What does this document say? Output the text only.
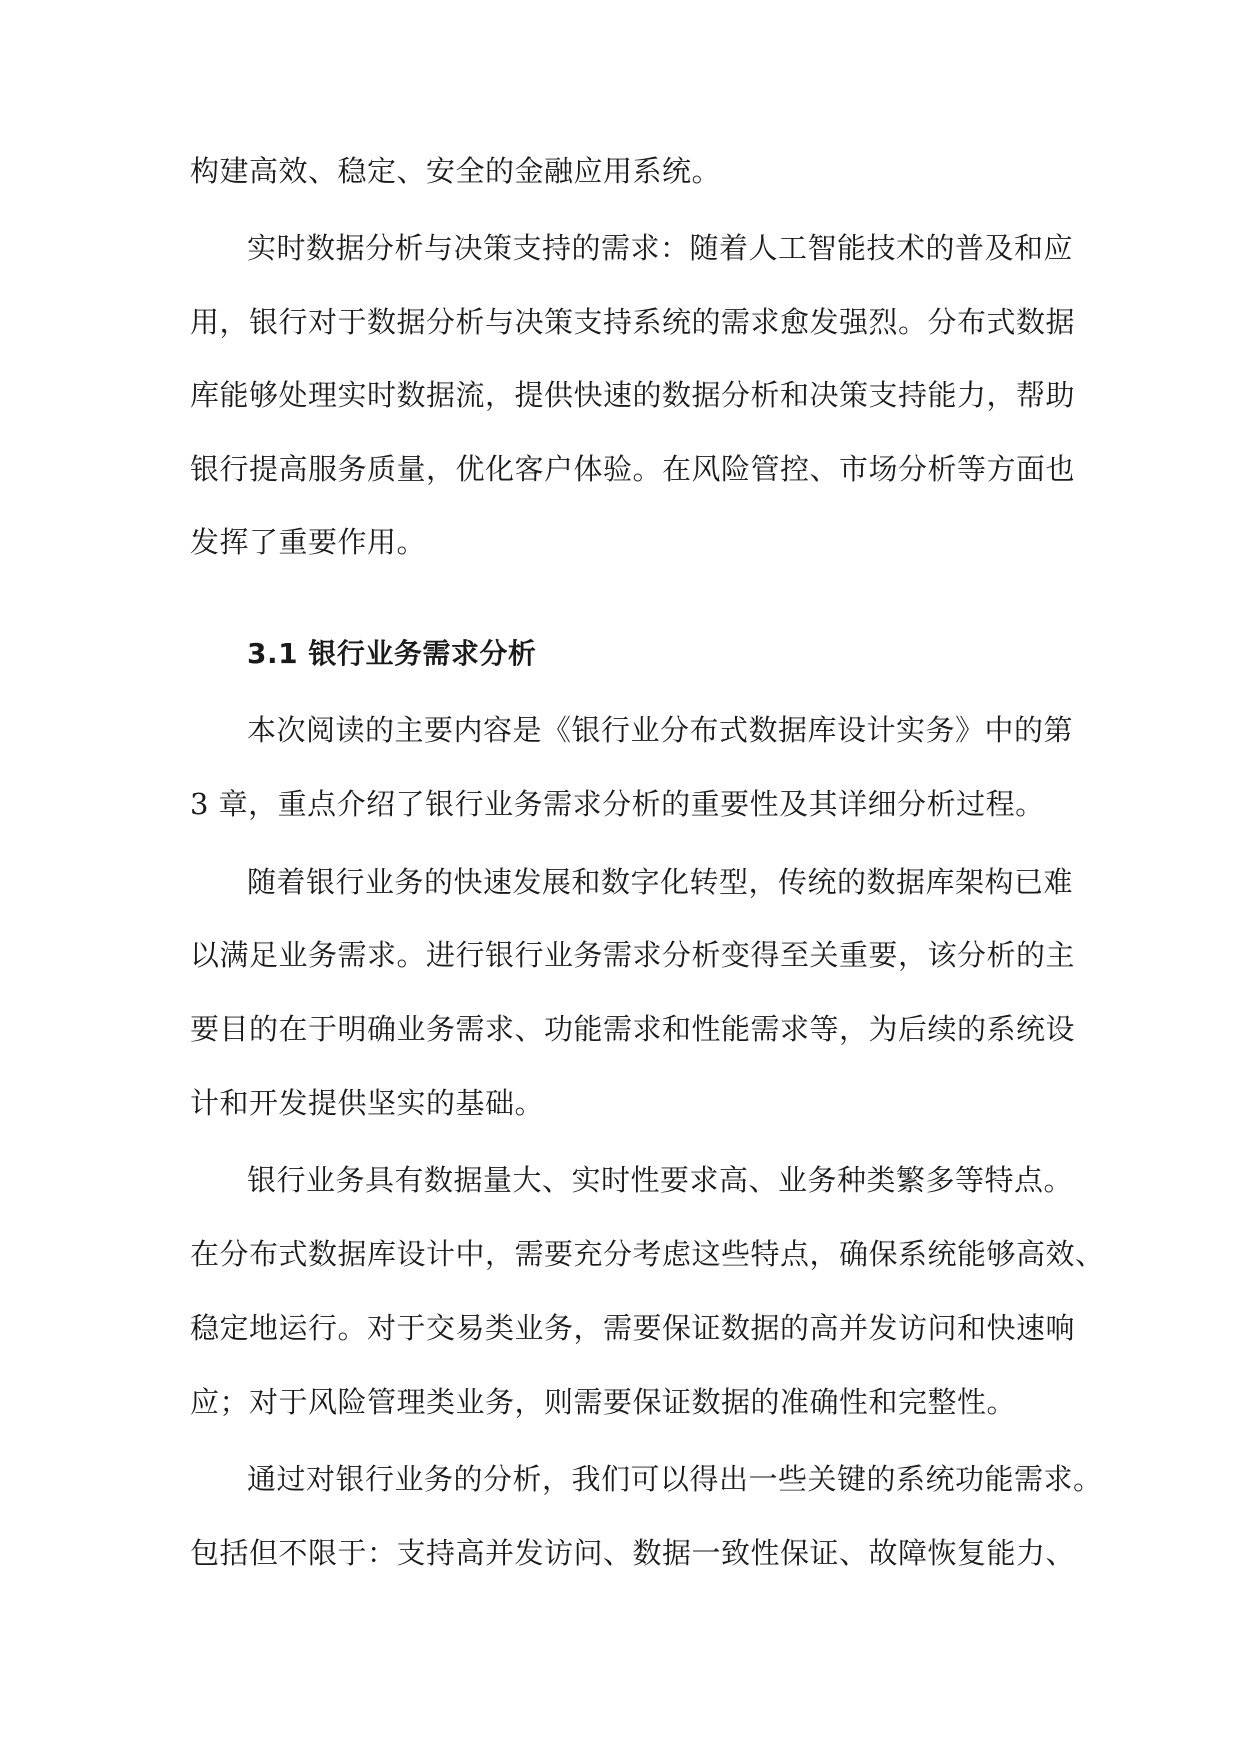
构建高效、稳定、安全的金融应用系统。
实时数据分析与决策支持的需求：随着人工智能技术的普及和应
用，银行对于数据分析与决策支持系统的需求愈发强烈。分布式数据
库能够处理实时数据流，提供快速的数据分析和决策支持能力，帮助
银行提高服务质量，优化客户体验。在风险管控、市场分析等方面也
发挥了重要作用。
3.1 银行业务需求分析
本次阅读的主要内容是《银行业分布式数据库设计实务》中的第
3 章，重点介绍了银行业务需求分析的重要性及其详细分析过程。
随着银行业务的快速发展和数字化转型，传统的数据库架构已难
以满足业务需求。进行银行业务需求分析变得至关重要，该分析的主
要目的在于明确业务需求、功能需求和性能需求等，为后续的系统设
计和开发提供坚实的基础。
银行业务具有数据量大、实时性要求高、业务种类繁多等特点。
在分布式数据库设计中，需要充分考虑这些特点，确保系统能够高效、
稳定地运行。对于交易类业务，需要保证数据的高并发访问和快速响
应；对于风险管理类业务，则需要保证数据的准确性和完整性。
通过对银行业务的分析，我们可以得出一些关键的系统功能需求。
包括但不限于：支持高并发访问、数据一致性保证、故障恢复能力、
